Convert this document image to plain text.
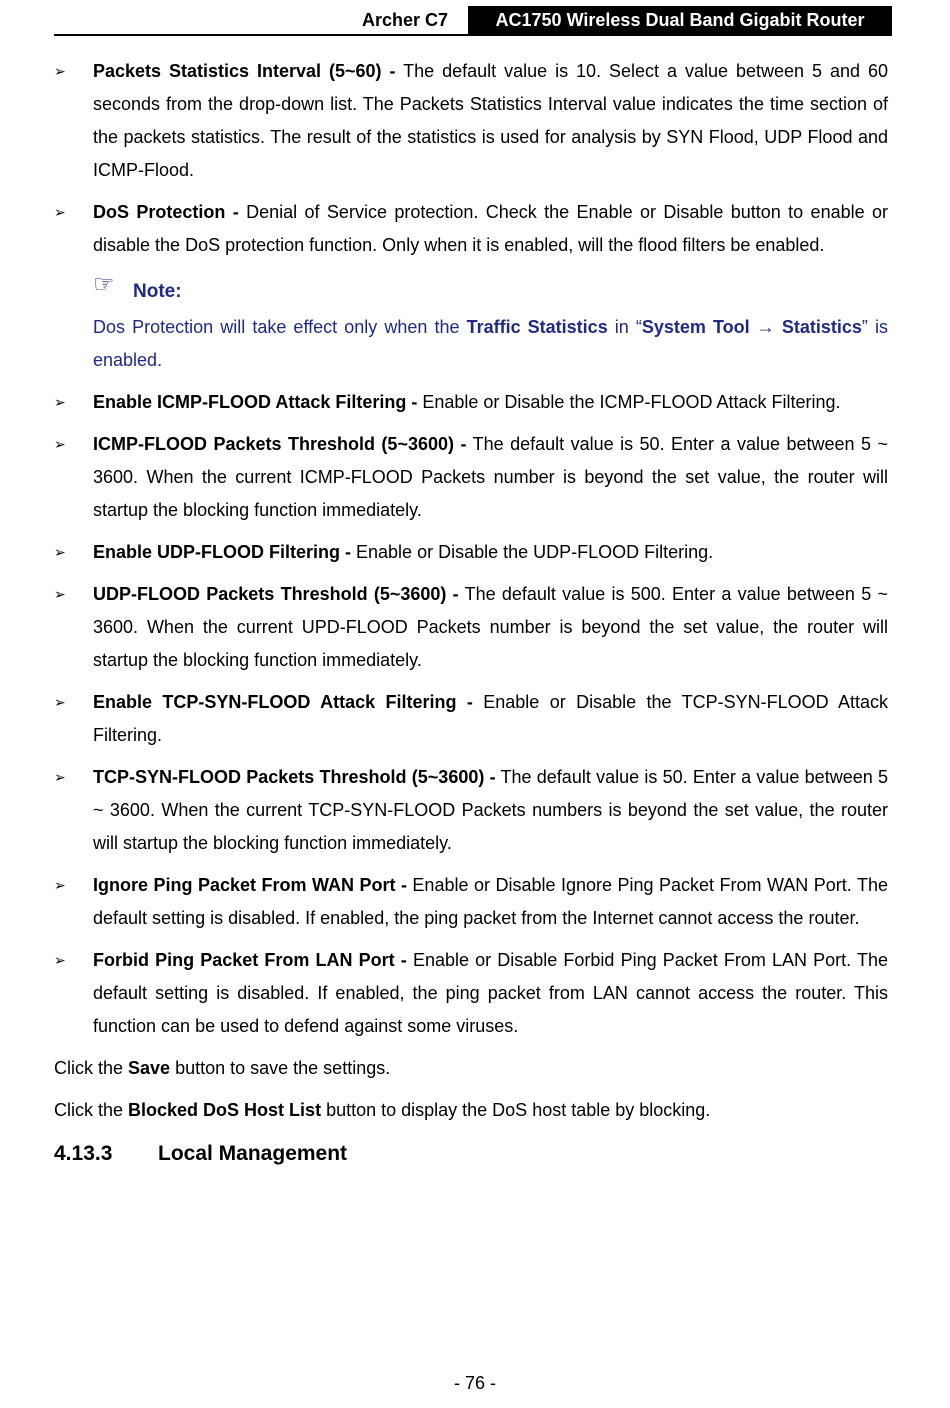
Archer C7	AC1750 Wireless Dual Band Gigabit Router
➢ Packets Statistics Interval (5~60) - The default value is 10. Select a value between 5 and 60 seconds from the drop-down list. The Packets Statistics Interval value indicates the time section of the packets statistics. The result of the statistics is used for analysis by SYN Flood, UDP Flood and ICMP-Flood.
➢ DoS Protection - Denial of Service protection. Check the Enable or Disable button to enable or disable the DoS protection function. Only when it is enabled, will the flood filters be enabled.
☞ Note:
Dos Protection will take effect only when the Traffic Statistics in “System Tool → Statistics” is enabled.
➢ Enable ICMP-FLOOD Attack Filtering - Enable or Disable the ICMP-FLOOD Attack Filtering.
➢ ICMP-FLOOD Packets Threshold (5~3600) - The default value is 50. Enter a value between 5 ~ 3600. When the current ICMP-FLOOD Packets number is beyond the set value, the router will startup the blocking function immediately.
➢ Enable UDP-FLOOD Filtering - Enable or Disable the UDP-FLOOD Filtering.
➢ UDP-FLOOD Packets Threshold (5~3600) - The default value is 500. Enter a value between 5 ~ 3600. When the current UPD-FLOOD Packets number is beyond the set value, the router will startup the blocking function immediately.
➢ Enable TCP-SYN-FLOOD Attack Filtering - Enable or Disable the TCP-SYN-FLOOD Attack Filtering.
➢ TCP-SYN-FLOOD Packets Threshold (5~3600) - The default value is 50. Enter a value between 5 ~ 3600. When the current TCP-SYN-FLOOD Packets numbers is beyond the set value, the router will startup the blocking function immediately.
➢ Ignore Ping Packet From WAN Port - Enable or Disable Ignore Ping Packet From WAN Port. The default setting is disabled. If enabled, the ping packet from the Internet cannot access the router.
➢ Forbid Ping Packet From LAN Port - Enable or Disable Forbid Ping Packet From LAN Port. The default setting is disabled. If enabled, the ping packet from LAN cannot access the router. This function can be used to defend against some viruses.
Click the Save button to save the settings.
Click the Blocked DoS Host List button to display the DoS host table by blocking.
4.13.3 Local Management
- 76 -
